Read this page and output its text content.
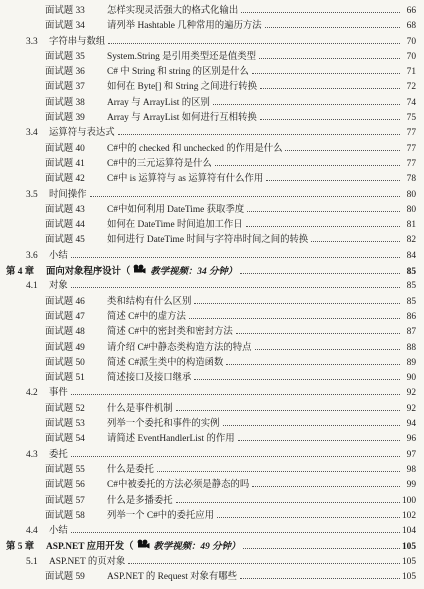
面试题 33	怎样实现灵活强大的格式化输出	66
面试题 34	请列举 Hashtable 几种常用的遍历方法	68
3.3	字符串与数组	70
面试题 35	System.String 是引用类型还是值类型	70
面试题 36	C# 中 String 和 string 的区别是什么	71
面试题 37	如何在 Byte[] 和 String 之间进行转换	72
面试题 38	Array 与 ArrayList 的区别	74
面试题 39	Array 与 ArrayList 如何进行互相转换	75
3.4	运算符与表达式	77
面试题 40	C#中的 checked 和 unchecked 的作用是什么	77
面试题 41	C#中的三元运算符是什么	77
面试题 42	C#中 is 运算符与 as 运算符有什么作用	78
3.5	时间操作	80
面试题 43	C#中如何利用 DateTime 获取季度	80
面试题 44	如何在 DateTime 时间追加工作日	81
面试题 45	如何进行 DateTime 时间与字符串时间之间的转换	82
3.6	小结	84
第 4 章	面向对象程序设计（ 教学视频：34 分钟）	85
4.1	对象	85
面试题 46	类和结构有什么区别	85
面试题 47	简述 C#中的虚方法	86
面试题 48	简述 C#中的密封类和密封方法	87
面试题 49	请介绍 C#中静态类构造方法的特点	88
面试题 50	简述 C#派生类中的构造函数	89
面试题 51	简述接口及接口继承	90
4.2	事件	92
面试题 52	什么是事件机制	92
面试题 53	列举一个委托和事件的实例	94
面试题 54	请简述 EventHandlerList 的作用	96
4.3	委托	97
面试题 55	什么是委托	98
面试题 56	C#中被委托的方法必须是静态的吗	99
面试题 57	什么是多播委托	100
面试题 58	列举一个 C#中的委托应用	102
4.4	小结	104
第 5 章	ASP.NET 应用开发（ 教学视频：49 分钟）	105
5.1	ASP.NET 的页对象	105
面试题 59	ASP.NET 的 Request 对象有哪些	105
